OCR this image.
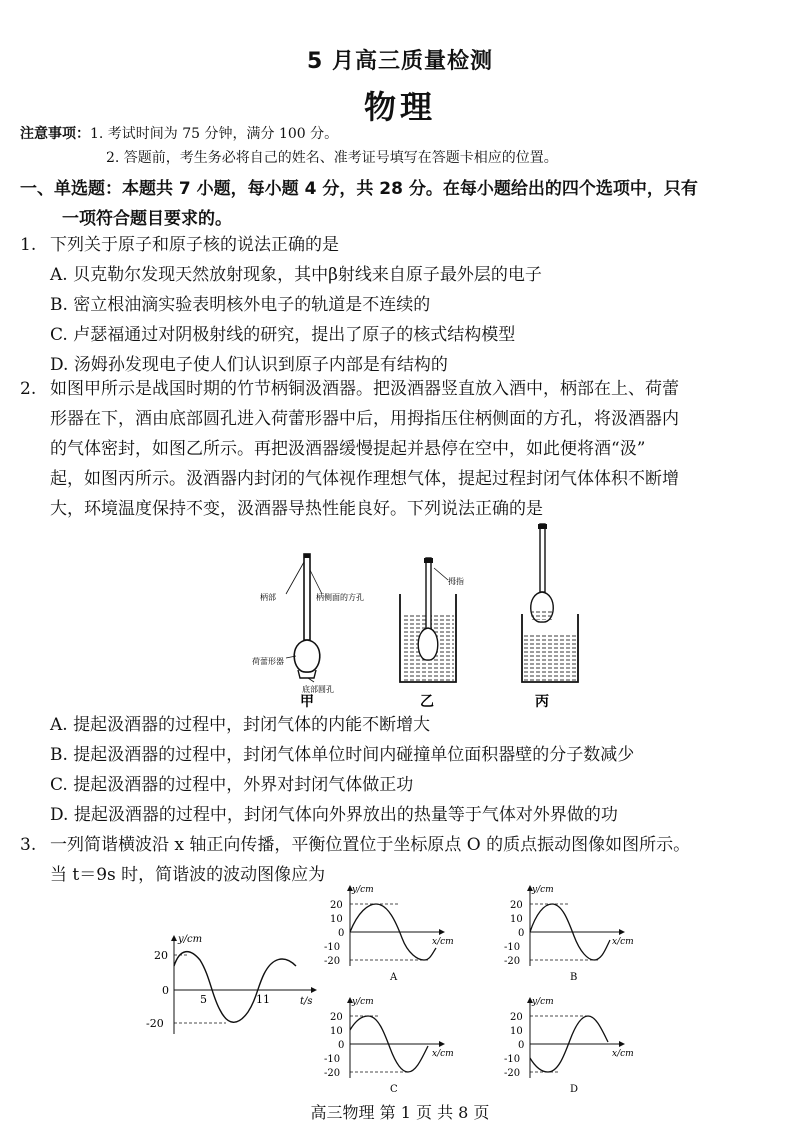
5 月高三质量检测
物理
注意事项：1. 考试时间为 75 分钟，满分 100 分。
2. 答题前，考生务必将自己的姓名、准考证号填写在答题卡相应的位置。
一、单选题：本题共 7 小题，每小题 4 分，共 28 分。在每小题给出的四个选项中，只有
一项符合题目要求的。
1. 下列关于原子和原子核的说法正确的是
A. 贝克勒尔发现天然放射现象，其中β射线来自原子最外层的电子
B. 密立根油滴实验表明核外电子的轨道是不连续的
C. 卢瑟福通过对阴极射线的研究，提出了原子的核式结构模型
D. 汤姆孙发现电子使人们认识到原子内部是有结构的
2. 如图甲所示是战国时期的竹节柄铜汲酒器。把汲酒器竖直放入酒中，柄部在上、荷蕾
形器在下，酒由底部圆孔进入荷蕾形器中后，用拇指压住柄侧面的方孔，将汲酒器内
的气体密封，如图乙所示。再把汲酒器缓慢提起并悬停在空中，如此便将酒“汲”
起，如图丙所示。汲酒器内封闭的气体视作理想气体，提起过程封闭气体体积不断增
大，环境温度保持不变，汲酒器导热性能良好。下列说法正确的是
柄部	柄侧面的方孔
荷蕾形器
底部圆孔
甲
拇指
乙	丙
A. 提起汲酒器的过程中，封闭气体的内能不断增大
B. 提起汲酒器的过程中，封闭气体单位时间内碰撞单位面积器壁的分子数减少
C. 提起汲酒器的过程中，外界对封闭气体做正功
D. 提起汲酒器的过程中，封闭气体向外界放出的热量等于气体对外界做的功
3. 一列简谐横波沿 x 轴正向传播，平衡位置位于坐标原点 O 的质点振动图像如图所示。
当 t＝9s 时，简谐波的波动图像应为
y/cm
t/s
20
0
-20
5	11
y/cm
x/cm
20
10
0
-10
-20
A
y/cm
x/cm
20
10
0
-10
-20
B
y/cm
x/cm
20
10
0
-10
-20
C
y/cm
x/cm
20
10
0
-10
-20
D
高三物理 第 1 页 共 8 页
